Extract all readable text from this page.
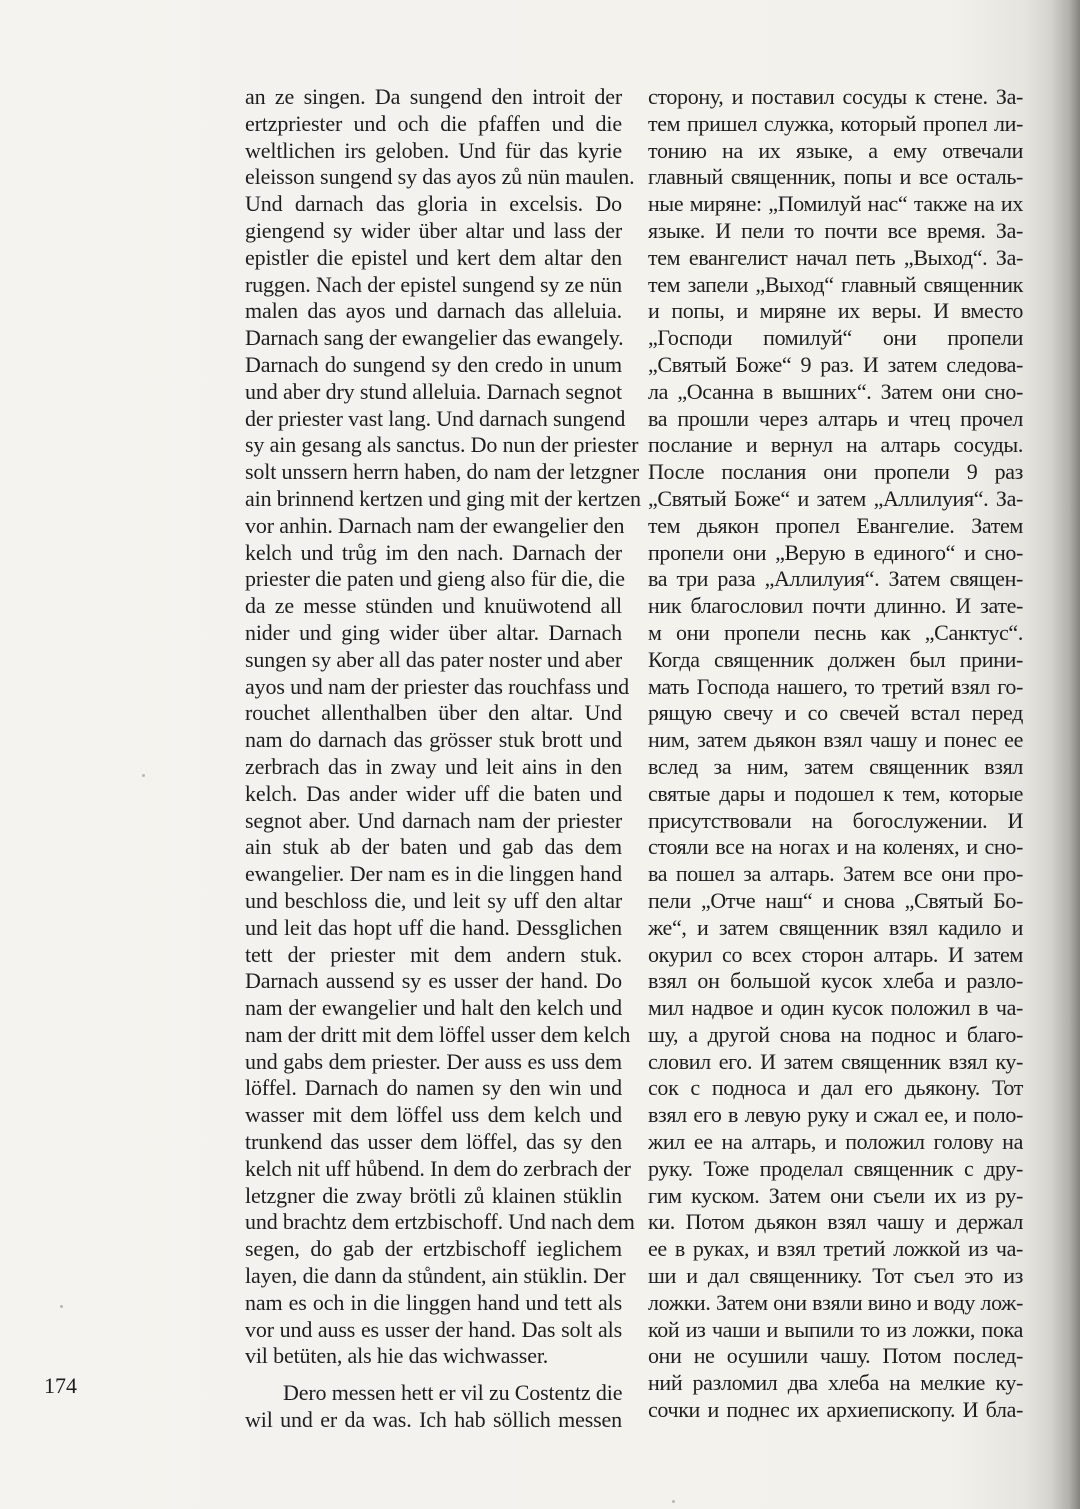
an ze singen. Da sungend den introit der
ertzpriester und och die pfaffen und die
weltlichen irs geloben. Und für das kyrie
eleisson sungend sy das ayos zů nün maulen.
Und darnach das gloria in excelsis. Do
giengend sy wider über altar und lass der
epistler die epistel und kert dem altar den
ruggen. Nach der epistel sungend sy ze nün
malen das ayos und darnach das alleluia.
Darnach sang der ewangelier das ewangely.
Darnach do sungend sy den credo in unum
und aber dry stund alleluia. Darnach segnot
der priester vast lang. Und darnach sungend
sy ain gesang als sanctus. Do nun der priester
solt unssern herrn haben, do nam der letzgner
ain brinnend kertzen und ging mit der kertzen
vor anhin. Darnach nam der ewangelier den
kelch und trůg im den nach. Darnach der
priester die paten und gieng also für die, die
da ze messe stünden und knuüwotend all
nider und ging wider über altar. Darnach
sungen sy aber all das pater noster und aber
ayos und nam der priester das rouchfass und
rouchet allenthalben über den altar. Und
nam do darnach das grösser stuk brott und
zerbrach das in zway und leit ains in den
kelch. Das ander wider uff die baten und
segnot aber. Und darnach nam der priester
ain stuk ab der baten und gab das dem
ewangelier. Der nam es in die linggen hand
und beschloss die, und leit sy uff den altar
und leit das hopt uff die hand. Dessglichen
tett der priester mit dem andern stuk.
Darnach aussend sy es usser der hand. Do
nam der ewangelier und halt den kelch und
nam der dritt mit dem löffel usser dem kelch
und gabs dem priester. Der auss es uss dem
löffel. Darnach do namen sy den win und
wasser mit dem löffel uss dem kelch und
trunkend das usser dem löffel, das sy den
kelch nit uff hůbend. In dem do zerbrach der
letzgner die zway brötli zů klainen stüklin
und brachtz dem ertzbischoff. Und nach dem
segen, do gab der ertzbischoff ieglichem
layen, die dann da stůndent, ain stüklin. Der
nam es och in die linggen hand und tett als
vor und auss es usser der hand. Das solt als
vil betüten, als hie das wichwasser.
Dero messen hett er vil zu Costentz die
wil und er da was. Ich hab söllich messen
сторону, и поставил сосуды к стене. За-
тем пришел служка, который пропел ли-
тонию на их языке, а ему отвечали
главный священник, попы и все осталь-
ные миряне: „Помилуй нас“ также на их
языке. И пели то почти все время. За-
тем евангелист начал петь „Выход“. За-
тем запели „Выход“ главный священник
и попы, и миряне их веры. И вместо
„Господи помилуй“ они пропели
„Святый Боже“ 9 раз. И затем следова-
ла „Осанна в вышних“. Затем они сно-
ва прошли через алтарь и чтец прочел
послание и вернул на алтарь сосуды.
После послания они пропели 9 раз
„Святый Боже“ и затем „Аллилуия“. За-
тем дьякон пропел Евангелие. Затем
пропели они „Верую в единого“ и сно-
ва три раза „Аллилуия“. Затем священ-
ник благословил почти длинно. И зате-
м они пропели песнь как „Санктус“.
Когда священник должен был прини-
мать Господа нашего, то третий взял го-
рящую свечу и со свечей встал перед
ним, затем дьякон взял чашу и понес ее
вслед за ним, затем священник взял
святые дары и подошел к тем, которые
присутствовали на богослужении. И
стояли все на ногах и на коленях, и сно-
ва пошел за алтарь. Затем все они про-
пели „Отче наш“ и снова „Святый Бо-
же“, и затем священник взял кадило и
окурил со всех сторон алтарь. И затем
взял он большой кусок хлеба и разло-
мил надвое и один кусок положил в ча-
шу, а другой снова на поднос и благо-
словил его. И затем священник взял ку-
сок с подноса и дал его дьякону. Тот
взял его в левую руку и сжал ее, и поло-
жил ее на алтарь, и положил голову на
руку. Тоже проделал священник с дру-
гим куском. Затем они съели их из ру-
ки. Потом дьякон взял чашу и держал
ее в руках, и взял третий ложкой из ча-
ши и дал священнику. Тот съел это из
ложки. Затем они взяли вино и воду лож-
кой из чаши и выпили то из ложки, пока
они не осушили чашу. Потом послед-
ний разломил два хлеба на мелкие ку-
сочки и поднес их архиепископу. И бла-
174
